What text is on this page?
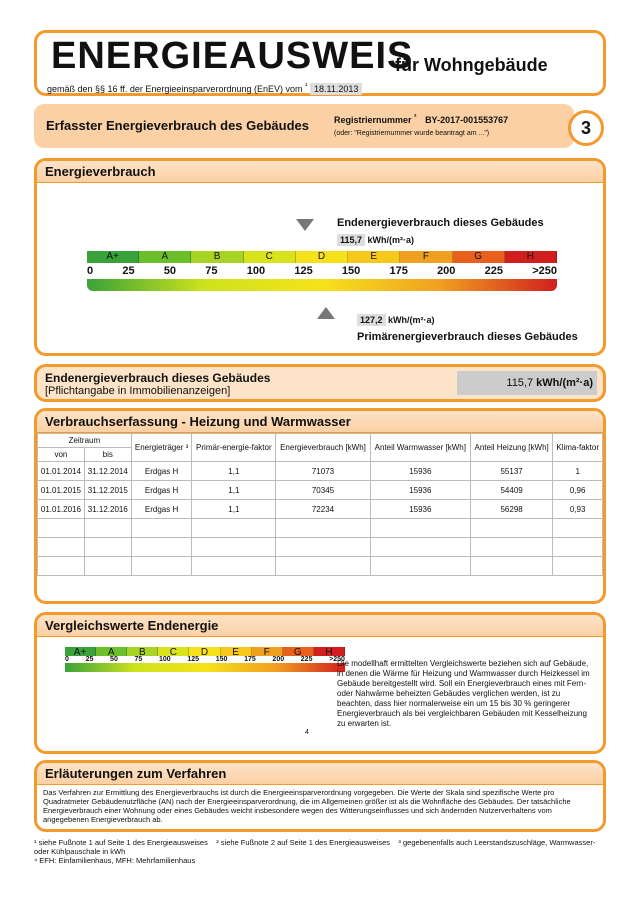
ENERGIEAUSWEIS
für Wohngebäude
gemäß den §§ 16 ff. der Energieeinsparverordnung (EnEV) vom $^{^1}$ 18.11.2013
Erfasster Energieverbrauch des Gebäudes	Registriernummer $^{^2}$ BY-2017-001553767
(oder: "Registriernummer wurde beantragt am ...")	3
Energieverbrauch
Endenergieverbrauch dieses Gebäudes
115,7 kWh/(m²·a)
A+	A	B	C	D	E	F	G	H
0	25	50	75	100	125	150	175	200	225	>250
127,2 kWh/(m²·a)
Primärenergieverbrauch dieses Gebäudes
Endenergieverbrauch dieses Gebäudes
[Pflichtangabe in Immobilienanzeigen]
115,7 kWh/(m²·a)
Verbrauchserfassung - Heizung und Warmwasser
Zeitraum		Energieträger ³	Primär-energie-faktor	Energieverbrauch [kWh]	Anteil Warmwasser [kWh]	Anteil Heizung [kWh]	Klima-faktor
von	bis						
01.01.2014	31.12.2014	Erdgas H	1,1	71073	15936	55137	1
01.01.2015	31.12.2015	Erdgas H	1,1	70345	15936	54409	0,96
01.01.2016	31.12.2016	Erdgas H	1,1	72234	15936	56298	0,93

Vergleichswerte Endenergie
A+	A	B	C	D	E	F	G	H
0 25 50 75 100 125 150 175 200 225 >250
4
Die modellhaft ermittelten Vergleichswerte beziehen sich auf Gebäude, in denen die Wärme für Heizung und Warmwasser durch Heizkessel im Gebäude bereitgestellt wird. Soll ein Energieverbrauch eines mit Fern- oder Nahwärme beheizten Gebäudes verglichen werden, ist zu beachten, dass hier normalerweise ein um 15 bis 30 % geringerer Energieverbrauch als bei vergleichbaren Gebäuden mit Kesselheizung zu erwarten ist.
Erläuterungen zum Verfahren
Das Verfahren zur Ermittlung des Energieverbrauchs ist durch die Energieeinsparverordnung vorgegeben. Die Werte der Skala sind spezifische Werte pro Quadratmeter Gebäudenutzfläche (AN) nach der Energieeinsparverordnung, die im Allgemeinen größer ist als die Wohnfläche des Gebäudes. Der tatsächliche Energieverbrauch einer Wohnung oder eines Gebäudes weicht insbesondere wegen des Witterungseinflusses und sich ändernden Nutzerverhaltens vom angegebenen Energieverbrauch ab.
¹ siehe Fußnote 1 auf Seite 1 des Energieausweises ² siehe Fußnote 2 auf Seite 1 des Energieausweises ³ gegebenenfalls auch Leerstandszuschläge, Warmwasser- oder Kühlpauschale in kWh
⁴ EFH: Einfamilienhaus, MFH: Mehrfamilienhaus
